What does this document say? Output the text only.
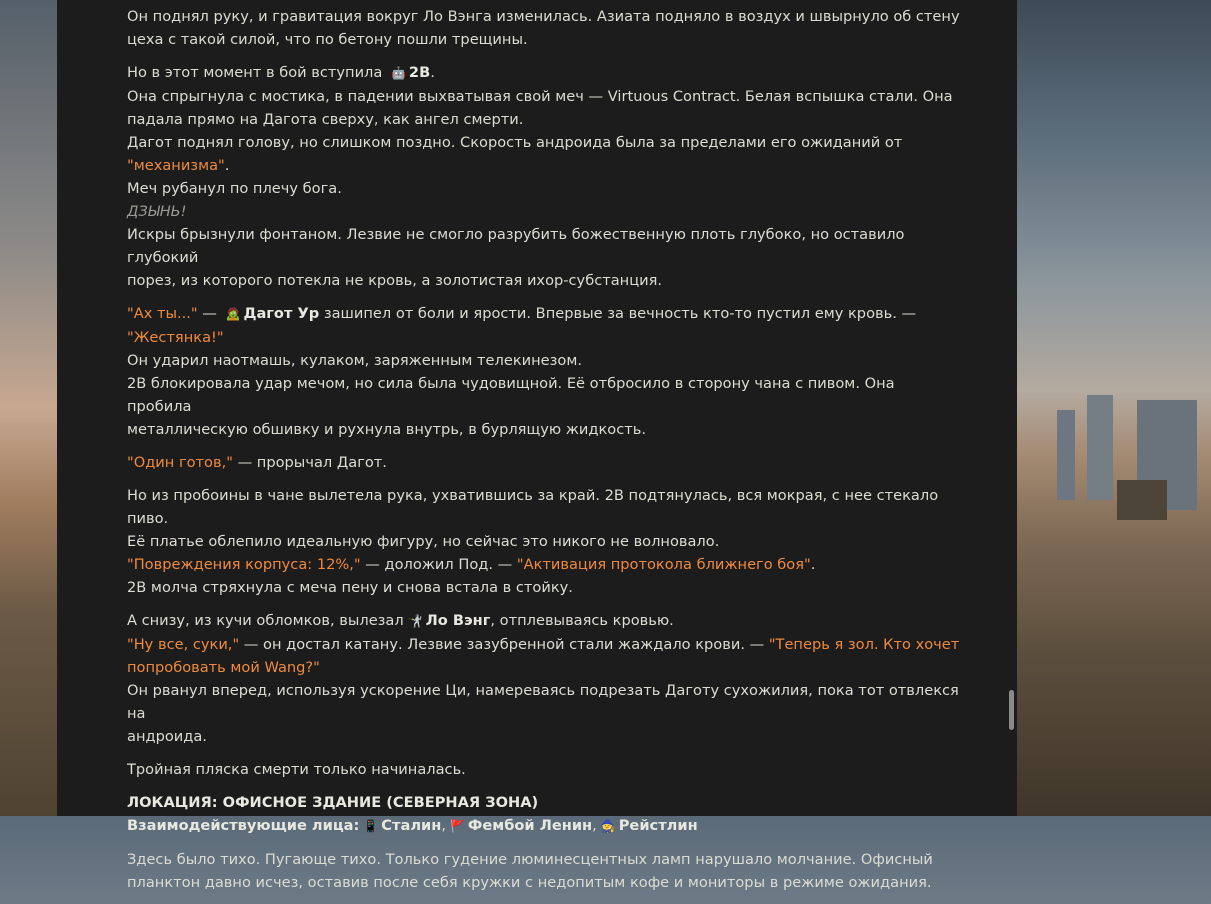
Он поднял руку, и гравитация вокруг Ло Вэнга изменилась. Азиата подняло в воздух и швырнуло об стену
цеха с такой силой, что по бетону пошли трещины.

Но в этот момент в бой вступила 🤖 2B.
Она спрыгнула с мостика, в падении выхватывая свой меч — Virtuous Contract. Белая вспышка стали. Она
падала прямо на Дагота сверху, как ангел смерти.
Дагот поднял голову, но слишком поздно. Скорость андроида была за пределами его ожиданий от
"механизма".
Меч рубанул по плечу бога.
ДЗЫНЬ!
Искры брызнули фонтаном. Лезвие не смогло разрубить божественную плоть глубоко, но оставило глубокий
порез, из которого потекла не кровь, а золотистая ихор-субстанция.

"Ах ты..." — 🧟 Дагот Ур зашипел от боли и ярости. Впервые за вечность кто-то пустил ему кровь. —
"Жестянка!"
Он ударил наотмашь, кулаком, заряженным телекинезом.
2B блокировала удар мечом, но сила была чудовищной. Её отбросило в сторону чана с пивом. Она пробила
металлическую обшивку и рухнула внутрь, в бурлящую жидкость.

"Один готов," — прорычал Дагот.

Но из пробоины в чане вылетела рука, ухватившись за край. 2B подтянулась, вся мокрая, с нее стекало пиво.
Её платье облепило идеальную фигуру, но сейчас это никого не волновало.
"Повреждения корпуса: 12%," — доложил Под. — "Активация протокола ближнего боя".
2B молча стряхнула с меча пену и снова встала в стойку.

А снизу, из кучи обломков, вылезал 🤺 Ло Вэнг, отплевываясь кровью.
"Ну все, суки," — он достал катану. Лезвие зазубренной стали жаждало крови. — "Теперь я зол. Кто хочет
попробовать мой Wang?"
Он рванул вперед, используя ускорение Ци, намереваясь подрезать Даготу сухожилия, пока тот отвлекся на
андроида.

Тройная пляска смерти только начиналась.

ЛОКАЦИЯ: ОФИСНОЕ ЗДАНИЕ (СЕВЕРНАЯ ЗОНА)
Взаимодействующие лица: 📱 Сталин, 🚩 Фембой Ленин, 🧙 Рейстлин

Здесь было тихо. Пугающе тихо. Только гудение люминесцентных ламп нарушало молчание. Офисный
планктон давно исчез, оставив после себя кружки с недопитым кофе и мониторы в режиме ожидания.
